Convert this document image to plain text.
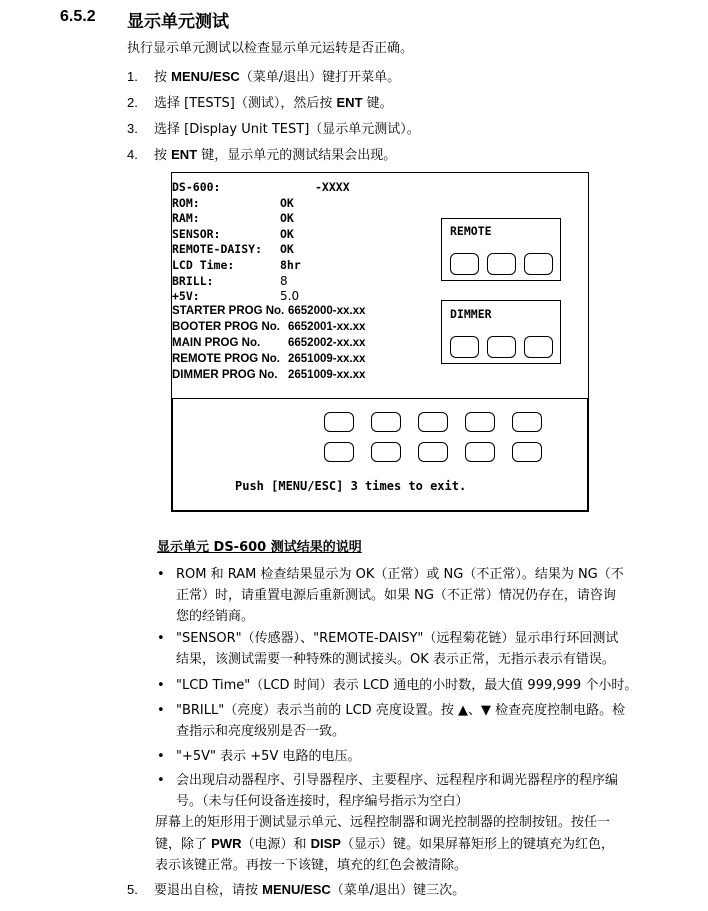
6.5.2 显示单元测试
执行显示单元测试以检查显示单元运转是否正确。
1. 按 MENU/ESC（菜单/退出）键打开菜单。
2. 选择 [TESTS]（测试），然后按 ENT 键。
3. 选择 [Display Unit TEST]（显示单元测试）。
4. 按 ENT 键，显示单元的测试结果会出现。
DS-600:	-XXXX
ROM:
RAM:
SENSOR:
REMOTE-DAISY:
LCD Time:
BRILL:
+5V:
OK
OK
OK
OK
8hr
8
5.0
STARTER PROG No.
BOOTER PROG No.
MAIN PROG No.
REMOTE PROG No.
DIMMER PROG No.
6652000-xx.xx
6652001-xx.xx
6652002-xx.xx
2651009-xx.xx
2651009-xx.xx
REMOTE
DIMMER
Push [MENU/ESC] 3 times to exit.
显示单元 DS-600 测试结果的说明
• ROM 和 RAM 检查结果显示为 OK（正常）或 NG（不正常）。结果为 NG（不
正常）时，请重置电源后重新测试。如果 NG（不正常）情况仍存在，请咨询
您的经销商。
• "SENSOR"（传感器）、"REMOTE-DAISY"（远程菊花链）显示串行环回测试
结果，该测试需要一种特殊的测试接头。OK 表示正常，无指示表示有错误。
• "LCD Time"（LCD 时间）表示 LCD 通电的小时数，最大值 999,999 个小时。
• "BRILL"（亮度）表示当前的 LCD 亮度设置。按 ▲、▼ 检查亮度控制电路。检
查指示和亮度级别是否一致。
• "+5V" 表示 +5V 电路的电压。
• 会出现启动器程序、引导器程序、主要程序、远程程序和调光器程序的程序编
号。（未与任何设备连接时，程序编号指示为空白）
屏幕上的矩形用于测试显示单元、远程控制器和调光控制器的控制按钮。按任一
键，除了 PWR（电源）和 DISP（显示）键。如果屏幕矩形上的键填充为红色，
表示该键正常。再按一下该键，填充的红色会被清除。
5. 要退出自检，请按 MENU/ESC（菜单/退出）键三次。
